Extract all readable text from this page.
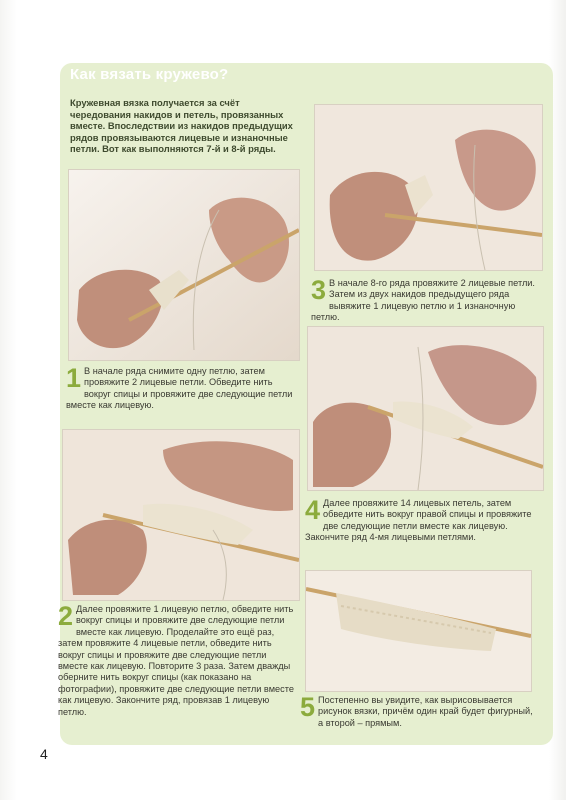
Как вязать кружево?
Кружевная вязка получается за счёт чередования накидов и петель, провязанных вместе. Впоследствии из накидов предыдущих рядов провязываются лицевые и изнаночные петли. Вот как выполняются 7-й и 8-й ряды.
1 В начале ряда снимите одну петлю, затем провяжите 2 лицевые петли. Обведите нить вокруг спицы и провяжите две следующие петли вместе как лицевую.
2 Далее провяжите 1 лицевую петлю, обведите нить вокруг спицы и провяжите две следующие петли вместе как лицевую. Проделайте это ещё раз, затем провяжите 4 лицевые петли, обведите нить вокруг спицы и провяжите две следующие петли вместе как лицевую. Повторите 3 раза. Затем дважды оберните нить вокруг спицы (как показано на фотографии), провяжите две следующие петли вместе как лицевую. Закончите ряд, провязав 1 лицевую петлю.
3 В начале 8-го ряда провяжите 2 лицевые петли. Затем из двух накидов предыдущего ряда вывяжите 1 лицевую петлю и 1 изнаночную петлю.
4 Далее провяжите 14 лицевых петель, затем обведите нить вокруг правой спицы и провяжите две следующие петли вместе как лицевую. Закончите ряд 4-мя лицевыми петлями.
5 Постепенно вы увидите, как вырисовывается рисунок вязки, причём один край будет фигурный, а второй – прямым.
4
